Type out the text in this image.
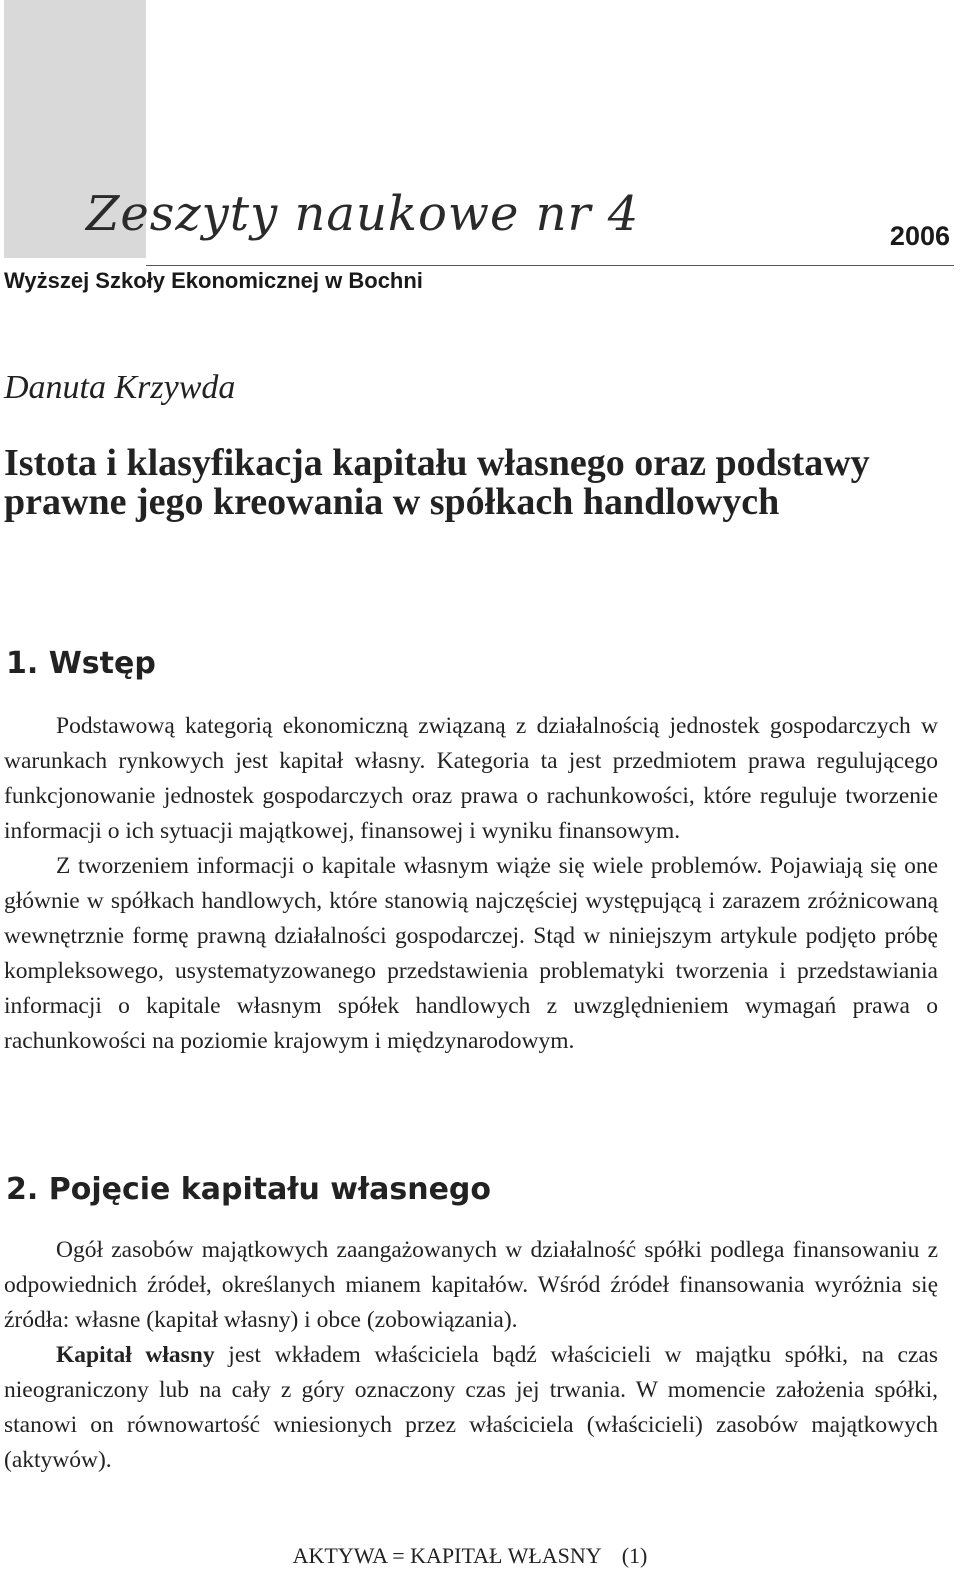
Zeszyty naukowe nr 4	2006
Wyższej Szkoły Ekonomicznej w Bochni
Danuta Krzywda
Istota i klasyfikacja kapitału własnego oraz podstawy prawne jego kreowania w spółkach handlowych
1. Wstęp

Podstawową kategorią ekonomiczną związaną z działalnością jednostek gospodarczych w warunkach rynkowych jest kapitał własny. Kategoria ta jest przedmiotem prawa regulującego funkcjonowanie jednostek gospodarczych oraz prawa o rachunkowości, które reguluje tworzenie informacji o ich sytuacji majątkowej, finansowej i wyniku finansowym.

Z tworzeniem informacji o kapitale własnym wiąże się wiele problemów. Pojawiają się one głównie w spółkach handlowych, które stanowią najczęściej występującą i zarazem zróżnicowaną wewnętrznie formę prawną działalności gospodarczej. Stąd w niniejszym artykule podjęto próbę kompleksowego, usystematyzowanego przedstawienia problematyki tworzenia i przedstawiania informacji o kapitale własnym spółek handlowych z uwzględnieniem wymagań prawa o rachunkowości na poziomie krajowym i międzynarodowym.

2. Pojęcie kapitału własnego

Ogół zasobów majątkowych zaangażowanych w działalność spółki podlega finansowaniu z odpowiednich źródeł, określanych mianem kapitałów. Wśród źródeł finansowania wyróżnia się źródła: własne (kapitał własny) i obce (zobowiązania).

Kapitał własny jest wkładem właściciela bądź właścicieli w majątku spółki, na czas nieograniczony lub na cały z góry oznaczony czas jej trwania. W momencie założenia spółki, stanowi on równowartość wniesionych przez właściciela (właścicieli) zasobów majątkowych (aktywów).

AKTYWA = KAPITAŁ WŁASNY (1)
